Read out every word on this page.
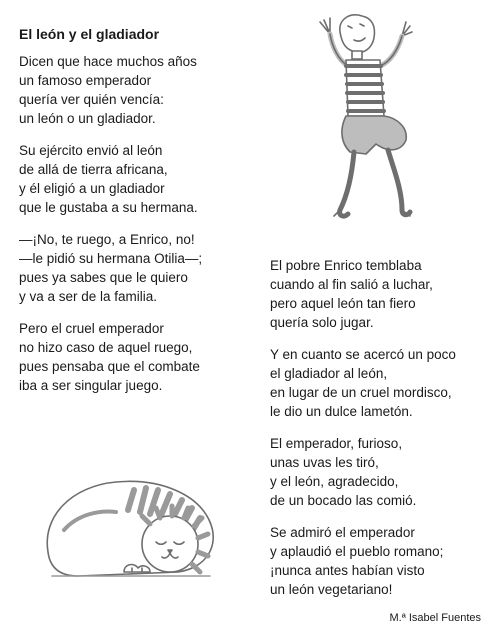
El león y el gladiador

Dicen que hace muchos años
un famoso emperador
quería ver quién vencía:
un león o un gladiador.

Su ejército envió al león
de allá de tierra africana,
y él eligió a un gladiador
que le gustaba a su hermana.

—¡No, te ruego, a Enrico, no!
—le pidió su hermana Otilia—;
pues ya sabes que le quiero
y va a ser de la familia.

Pero el cruel emperador
no hizo caso de aquel ruego,
pues pensaba que el combate
iba a ser singular juego.

El pobre Enrico temblaba
cuando al fin salió a luchar,
pero aquel león tan fiero
quería solo jugar.

Y en cuanto se acercó un poco
el gladiador al león,
en lugar de un cruel mordisco,
le dio un dulce lametón.

El emperador, furioso,
unas uvas les tiró,
y el león, agradecido,
de un bocado las comió.

Se admiró el emperador
y aplaudió el pueblo romano;
¡nunca antes habían visto
un león vegetariano!

M.ª Isabel Fuentes
